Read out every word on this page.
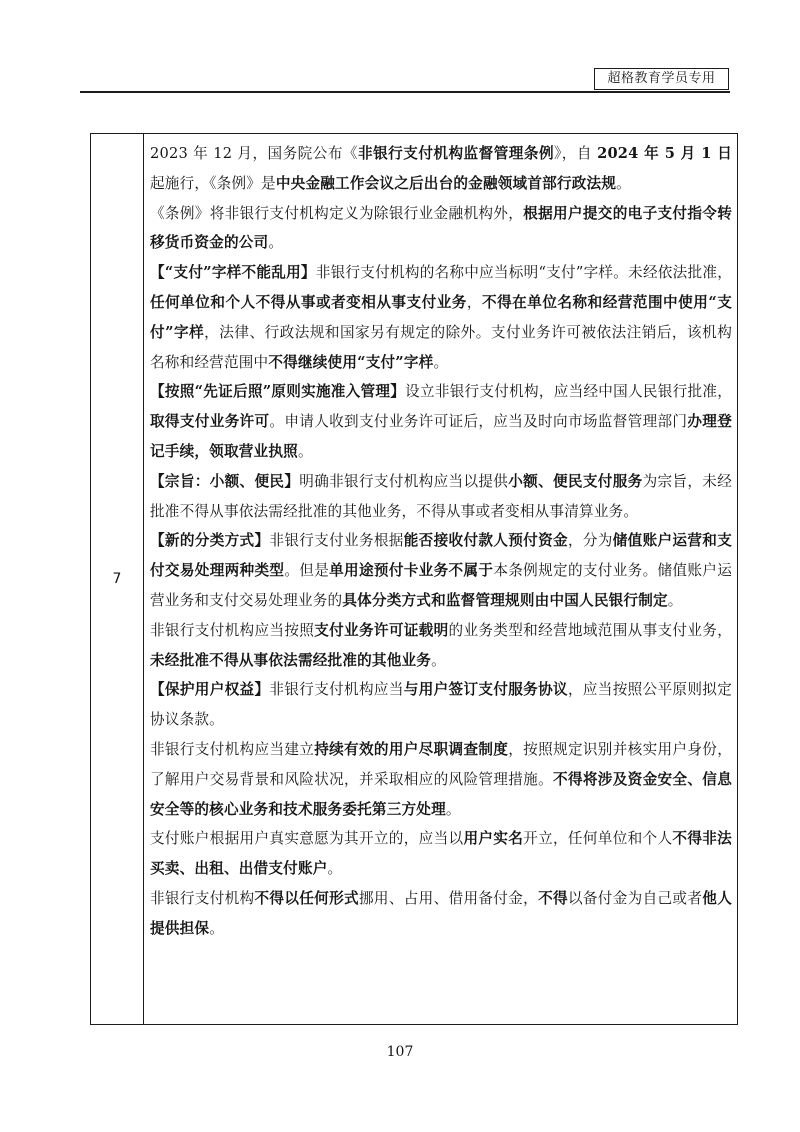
超格教育学员专用
7	

2023 年 12 月，国务院公布《非银行支付机构监督管理条例》，自 2024 年 5 月 1 日起施行，《条例》是中央金融工作会议之后出台的金融领域首部行政法规。

《条例》将非银行支付机构定义为除银行业金融机构外，根据用户提交的电子支付指令转移货币资金的公司。

【“支付”字样不能乱用】非银行支付机构的名称中应当标明“支付”字样。未经依法批准，任何单位和个人不得从事或者变相从事支付业务，不得在单位名称和经营范围中使用“支付”字样，法律、行政法规和国家另有规定的除外。支付业务许可被依法注销后，该机构名称和经营范围中不得继续使用“支付”字样。

【按照“先证后照”原则实施准入管理】设立非银行支付机构，应当经中国人民银行批准，取得支付业务许可。申请人收到支付业务许可证后，应当及时向市场监督管理部门办理登记手续，领取营业执照。

【宗旨：小额、便民】明确非银行支付机构应当以提供小额、便民支付服务为宗旨，未经批准不得从事依法需经批准的其他业务，不得从事或者变相从事清算业务。

【新的分类方式】非银行支付业务根据能否接收付款人预付资金，分为储值账户运营和支付交易处理两种类型。但是单用途预付卡业务不属于本条例规定的支付业务。储值账户运营业务和支付交易处理业务的具体分类方式和监督管理规则由中国人民银行制定。

非银行支付机构应当按照支付业务许可证载明的业务类型和经营地域范围从事支付业务，未经批准不得从事依法需经批准的其他业务。

【保护用户权益】非银行支付机构应当与用户签订支付服务协议，应当按照公平原则拟定协议条款。

非银行支付机构应当建立持续有效的用户尽职调查制度，按照规定识别并核实用户身份，了解用户交易背景和风险状况，并采取相应的风险管理措施。不得将涉及资金安全、信息安全等的核心业务和技术服务委托第三方处理。

支付账户根据用户真实意愿为其开立的，应当以用户实名开立，任何单位和个人不得非法买卖、出租、出借支付账户。

非银行支付机构不得以任何形式挪用、占用、借用备付金，不得以备付金为自己或者他人提供担保。

107
